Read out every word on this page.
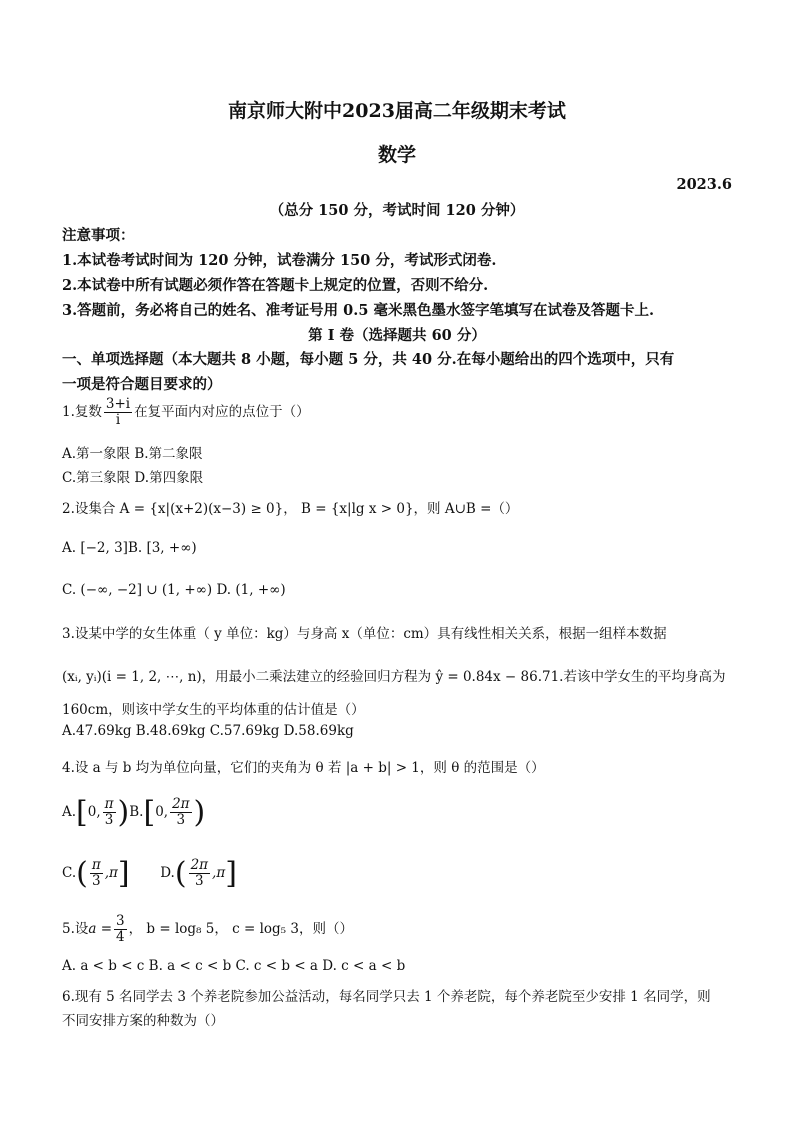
南京师大附中2023届高二年级期末考试
数学
2023.6
（总分 150 分，考试时间 120 分钟）
注意事项：
1.本试卷考试时间为 120 分钟，试卷满分 150 分，考试形式闭卷.
2.本试卷中所有试题必须作答在答题卡上规定的位置，否则不给分.
3.答题前，务必将自己的姓名、准考证号用 0.5 毫米黑色墨水签字笔填写在试卷及答题卡上.
第 I 卷（选择题共 60 分）
一、单项选择题（本大题共 8 小题，每小题 5 分，共 40 分.在每小题给出的四个选项中，只有
一项是符合题目要求的）
1.复数 $\frac{3+i}{i}$ 在复平面内对应的点位于（）
A.第一象限 B.第二象限
C.第三象限 D.第四象限
2.设集合 A = {x|(x+2)(x−3) ≥ 0}， B = {x|lg x > 0}，则 A∪B =（）
A. [−2, 3]B. [3, +∞)
C. (−∞, −2] ∪ (1, +∞) D. (1, +∞)
3.设某中学的女生体重（ y 单位：kg）与身高 x（单位：cm）具有线性相关关系，根据一组样本数据
(xᵢ, yᵢ)(i = 1, 2, ⋯, n)，用最小二乘法建立的经验回归方程为 ŷ = 0.84x − 86.71.若该中学女生的平均身高为
160cm，则该中学女生的平均体重的估计值是（）
A.47.69kg B.48.69kg C.57.69kg D.58.69kg
4.设 a 与 b 均为单位向量，它们的夹角为 θ 若 |a + b| > 1，则 θ 的范围是（）
A.[0, $\frac{\pi}{3} )B.[0$, $\frac{2\pi}{3}$ )
$C.( \frac{\pi}{3} ,\pi]$ $D.( \frac{2\pi}{3} ,\pi]$
5.设$a = \frac{3}{4}$ ， b = log₈ 5， c = log₅ 3，则（）
A. a < b < c B. a < c < b C. c < b < a D. c < a < b
6.现有 5 名同学去 3 个养老院参加公益活动，每名同学只去 1 个养老院，每个养老院至少安排 1 名同学，则
不同安排方案的种数为（）
